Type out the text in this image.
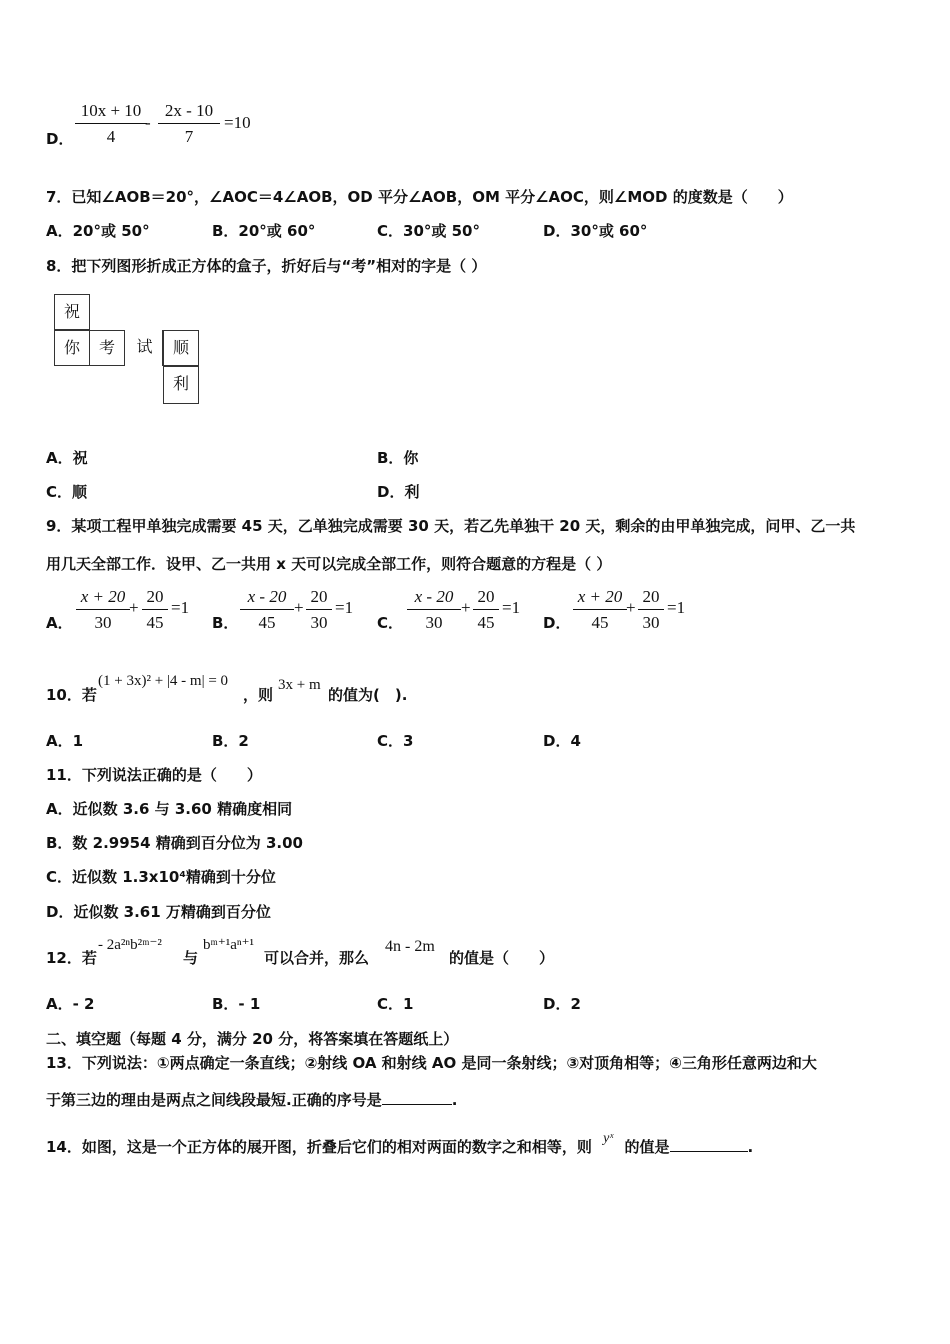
D． $\frac{10x + 10}{4}$
- $\frac{2x - 10}{7} =10$
7．已知∠AOB＝20°，∠AOC＝4∠AOB，OD 平分∠AOB，OM 平分∠AOC，则∠MOD 的度数是（　　）
A．20°或 50°	B．20°或 60°	C．30°或 50°	D．30°或 60°
8．把下列图形折成正方体的盒子，折好后与“考”相对的字是（ ）
祝
你	考	试	顺
利
A．祝	B．你
C．顺	D．利
9．某项工程甲单独完成需要 45 天，乙单独完成需要 30 天，若乙先单独干 20 天，剩余的由甲单独完成，问甲、乙一共
用几天全部工作．设甲、乙一共用 x 天可以完成全部工作，则符合题意的方程是（ ）
A． $\frac{x + 20}{30} + \frac{20}{45} =1$
B． $\frac{x - 20}{45} + \frac{20}{30} =1$
C． $\frac{x - 20}{30} + \frac{20}{45} =1$
D． $\frac{x + 20}{45} + \frac{20}{30} =1$
10．若
(1 + 3x)² + |4 - m| = 0
，则
3x + m
的值为(　).
A．1	B．2	C．3	D．4
11．下列说法正确的是（　　）
A．近似数 3.6 与 3.60 精确度相同
B．数 2.9954 精确到百分位为 3.00
C．近似数 1.3x10⁴精确到十分位
D．近似数 3.61 万精确到百分位
12．若
- 2a²ⁿb²ᵐ⁻²
与
bᵐ⁺¹aⁿ⁺¹
可以合并，那么
4n - 2m
的值是（　　）
A．- 2	B．- 1	C．1	D．2
二、填空题（每题 4 分，满分 20 分，将答案填在答题纸上）
13．下列说法：①两点确定一条直线；②射线 OA 和射线 AO 是同一条射线；③对顶角相等；④三角形任意两边和大
于第三边的理由是两点之间线段最短.正确的序号是	.
14．如图，这是一个正方体的展开图，折叠后它们的相对两面的数字之和相等，则 yˣ 的值是	.
